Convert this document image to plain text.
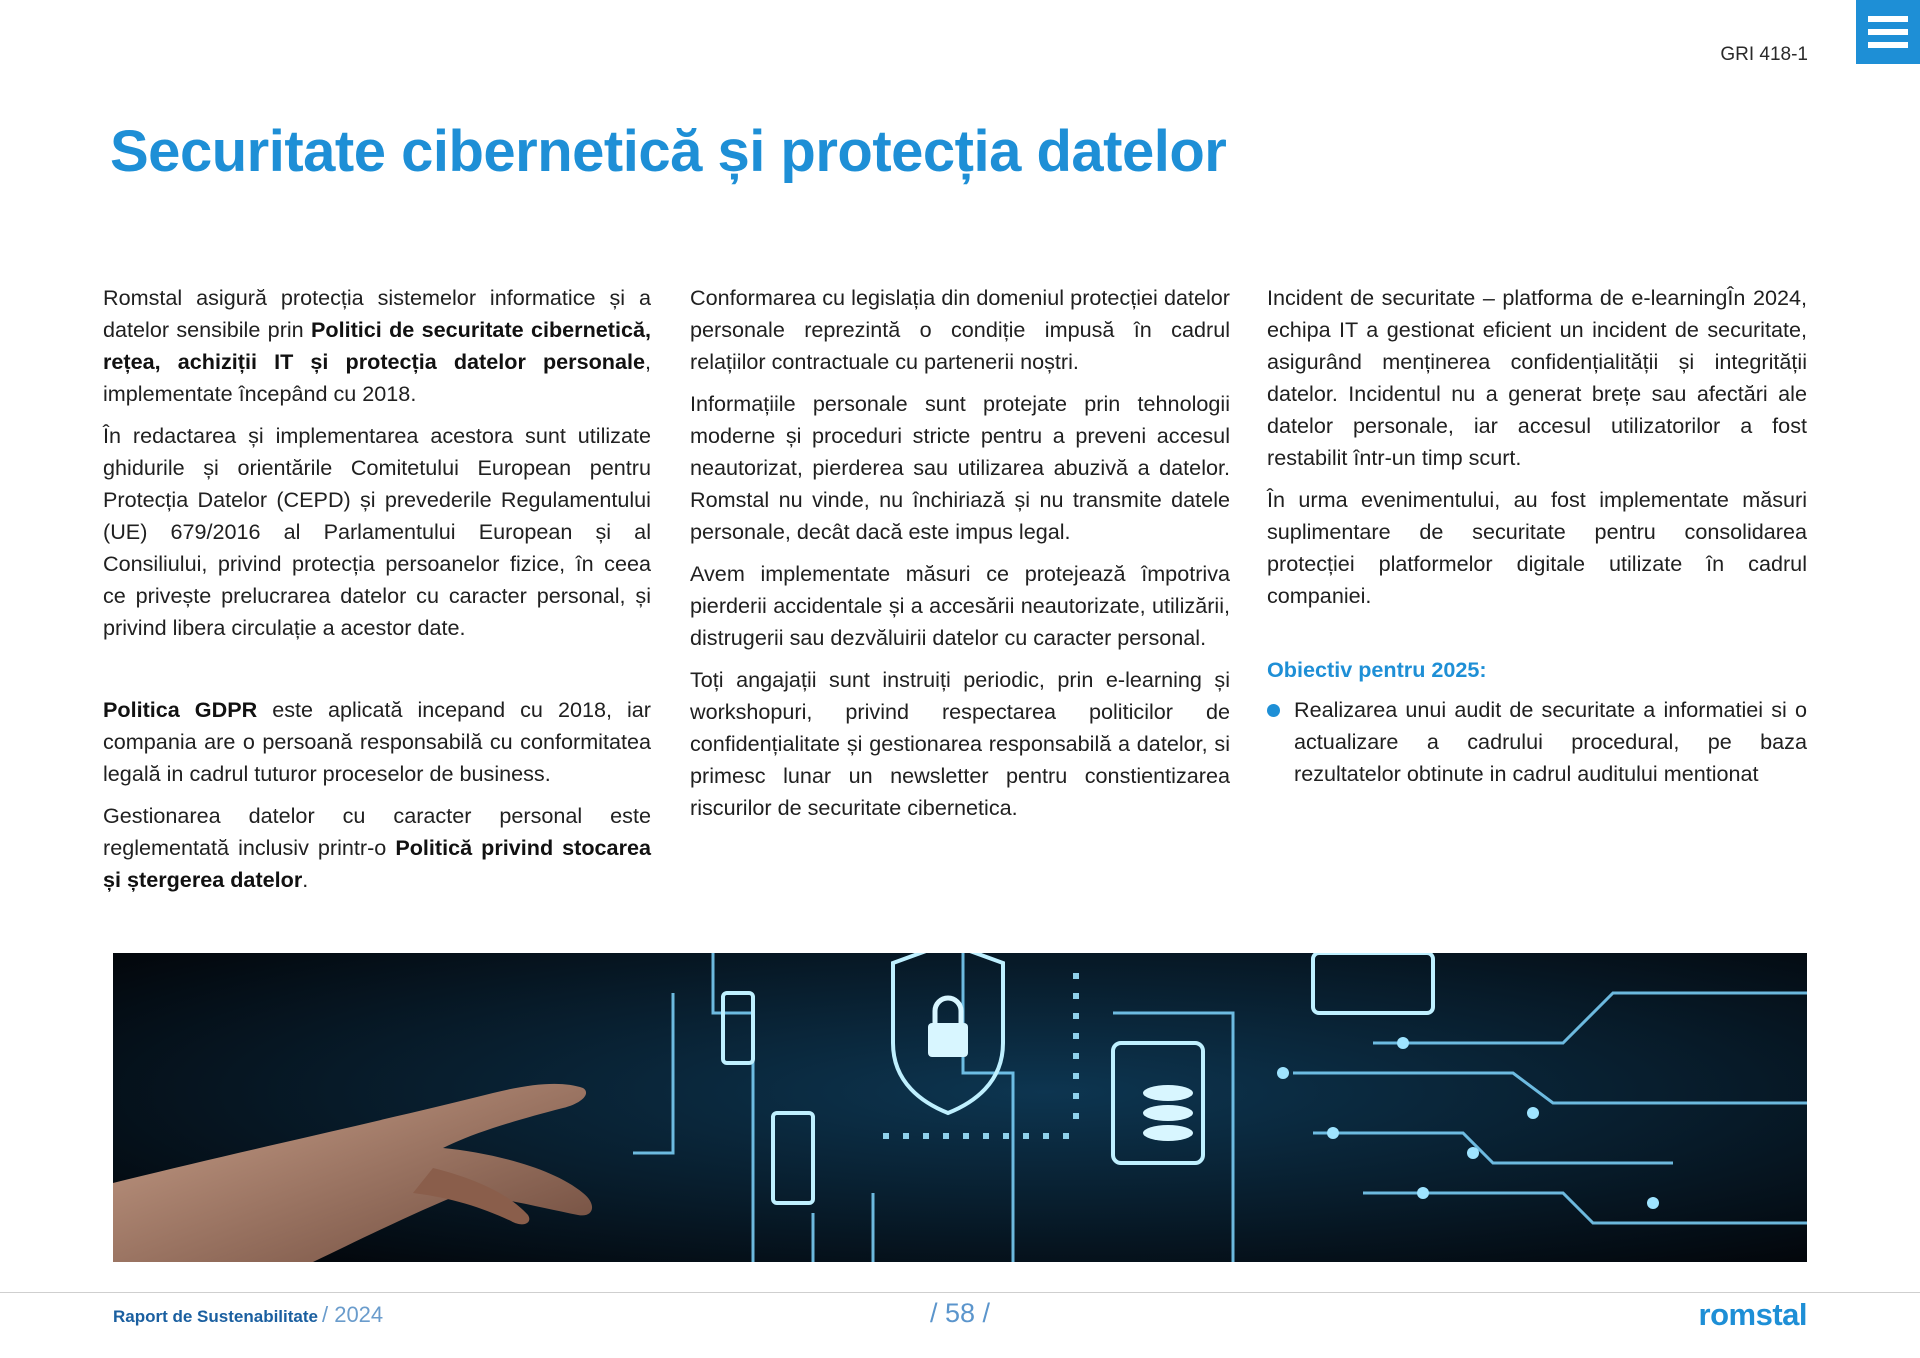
GRI 418-1
Securitate cibernetică și protecția datelor

Romstal asigură protecția sistemelor informatice și a datelor sensibile prin Politici de securitate cibernetică, rețea, achiziții IT și protecția datelor personale, implementate începând cu 2018.

În redactarea și implementarea acestora sunt utilizate ghidurile și orientările Comitetului European pentru Protecția Datelor (CEPD) și prevederile Regulamentului (UE) 679/2016 al Parlamentului European și al Consiliului, privind protecția persoanelor fizice, în ceea ce privește prelucrarea datelor cu caracter personal, și privind libera circulație a acestor date.

Politica GDPR este aplicată incepand cu 2018, iar compania are o persoană responsabilă cu conformitatea legală in cadrul tuturor proceselor de business.

Gestionarea datelor cu caracter personal este reglementată inclusiv printr-o Politică privind stocarea și ștergerea datelor.

Conformarea cu legislația din domeniul protecției datelor personale reprezintă o condiție impusă în cadrul relațiilor contractuale cu partenerii noștri.

Informațiile personale sunt protejate prin tehnologii moderne și proceduri stricte pentru a preveni accesul neautorizat, pierderea sau utilizarea abuzivă a datelor. Romstal nu vinde, nu închiriază și nu transmite datele personale, decât dacă este impus legal.

Avem implementate măsuri ce protejează împotriva pierderii accidentale și a accesării neautorizate, utilizării, distrugerii sau dezvăluirii datelor cu caracter personal.

Toți angajații sunt instruiți periodic, prin e-learning și workshopuri, privind respectarea politicilor de confidențialitate și gestionarea responsabilă a datelor, si primesc lunar un newsletter pentru constientizarea riscurilor de securitate cibernetica.

Incident de securitate – platforma de e-learningÎn 2024, echipa IT a gestionat eficient un incident de securitate, asigurând menținerea confidențialității și integrității datelor. Incidentul nu a generat brețe sau afectări ale datelor personale, iar accesul utilizatorilor a fost restabilit într-un timp scurt.

În urma evenimentului, au fost implementate măsuri suplimentare de securitate pentru consolidarea protecției platformelor digitale utilizate în cadrul companiei.

Obiectiv pentru 2025:
Realizarea unui audit de securitate a informatiei si o actualizare a cadrului procedural, pe baza rezultatelor obtinute in cadrul auditului mentionat
Raport de Sustenabilitate / 2024	/ 58 /	romstal
